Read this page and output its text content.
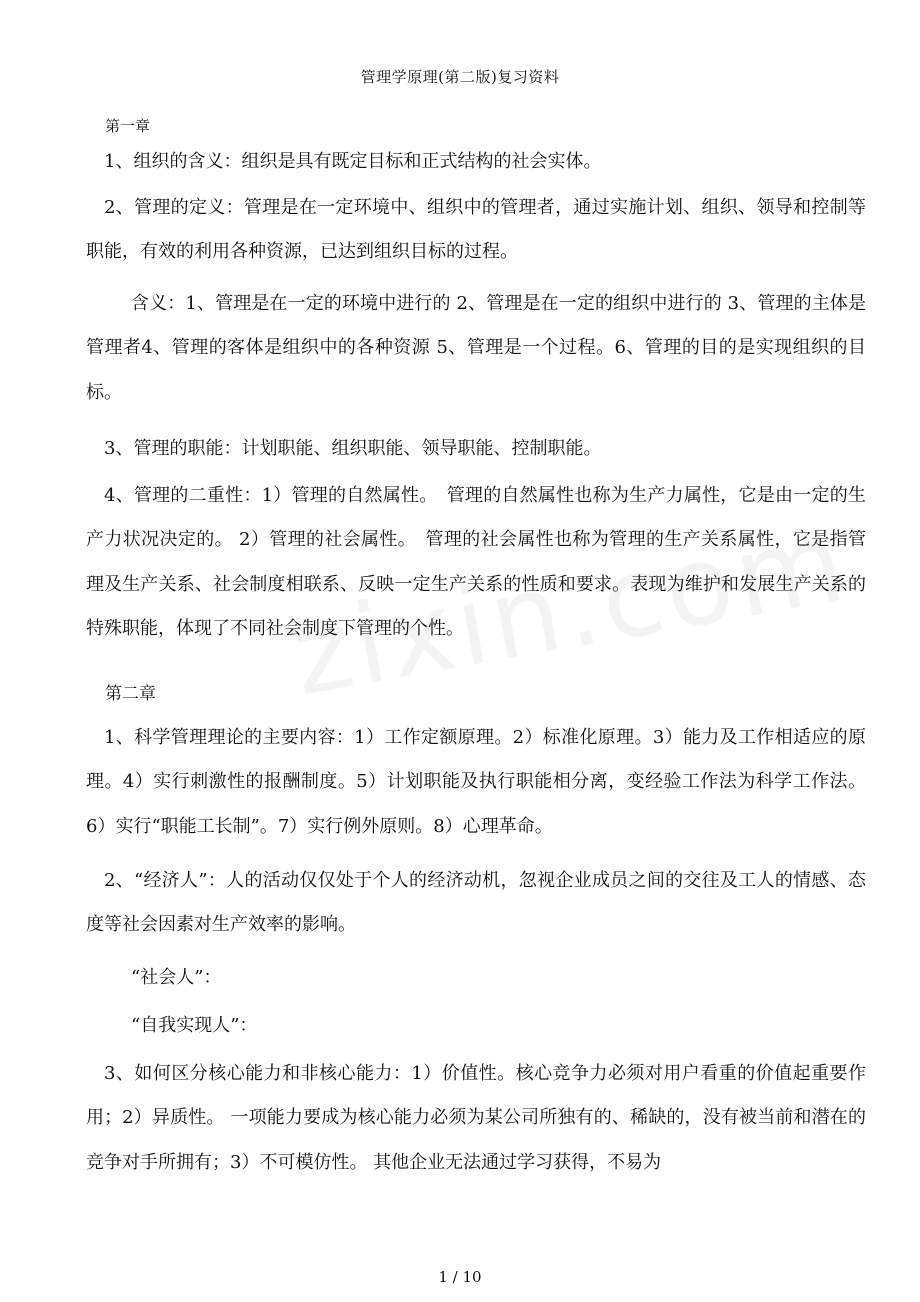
管理学原理(第二版)复习资料
第一章
1、组织的含义：组织是具有既定目标和正式结构的社会实体。
2、管理的定义：管理是在一定环境中、组织中的管理者，通过实施计划、组织、领导和控制等职能，有效的利用各种资源，已达到组织目标的过程。
含义：1、管理是在一定的环境中进行的 2、管理是在一定的组织中进行的 3、管理的主体是管理者4、管理的客体是组织中的各种资源 5、管理是一个过程。6、管理的目的是实现组织的目标。
3、管理的职能：计划职能、组织职能、领导职能、控制职能。
4、管理的二重性：1）管理的自然属性。　管理的自然属性也称为生产力属性，它是由一定的生产力状况决定的。 2）管理的社会属性。　管理的社会属性也称为管理的生产关系属性，它是指管理及生产关系、社会制度相联系、反映一定生产关系的性质和要求。表现为维护和发展生产关系的特殊职能，体现了不同社会制度下管理的个性。
第二章
1、科学管理理论的主要内容：1）工作定额原理。2）标准化原理。3）能力及工作相适应的原理。4）实行刺激性的报酬制度。5）计划职能及执行职能相分离，变经验工作法为科学工作法。 6）实行“职能工长制”。7）实行例外原则。8）心理革命。
2、“经济人”：人的活动仅仅处于个人的经济动机，忽视企业成员之间的交往及工人的情感、态度等社会因素对生产效率的影响。
“社会人”：
“自我实现人”：
3、如何区分核心能力和非核心能力：1）价值性。核心竞争力必须对用户看重的价值起重要作用；2）异质性。 一项能力要成为核心能力必须为某公司所独有的、稀缺的，没有被当前和潜在的竞争对手所拥有；3）不可模仿性。 其他企业无法通过学习获得，不易为
1 / 10
